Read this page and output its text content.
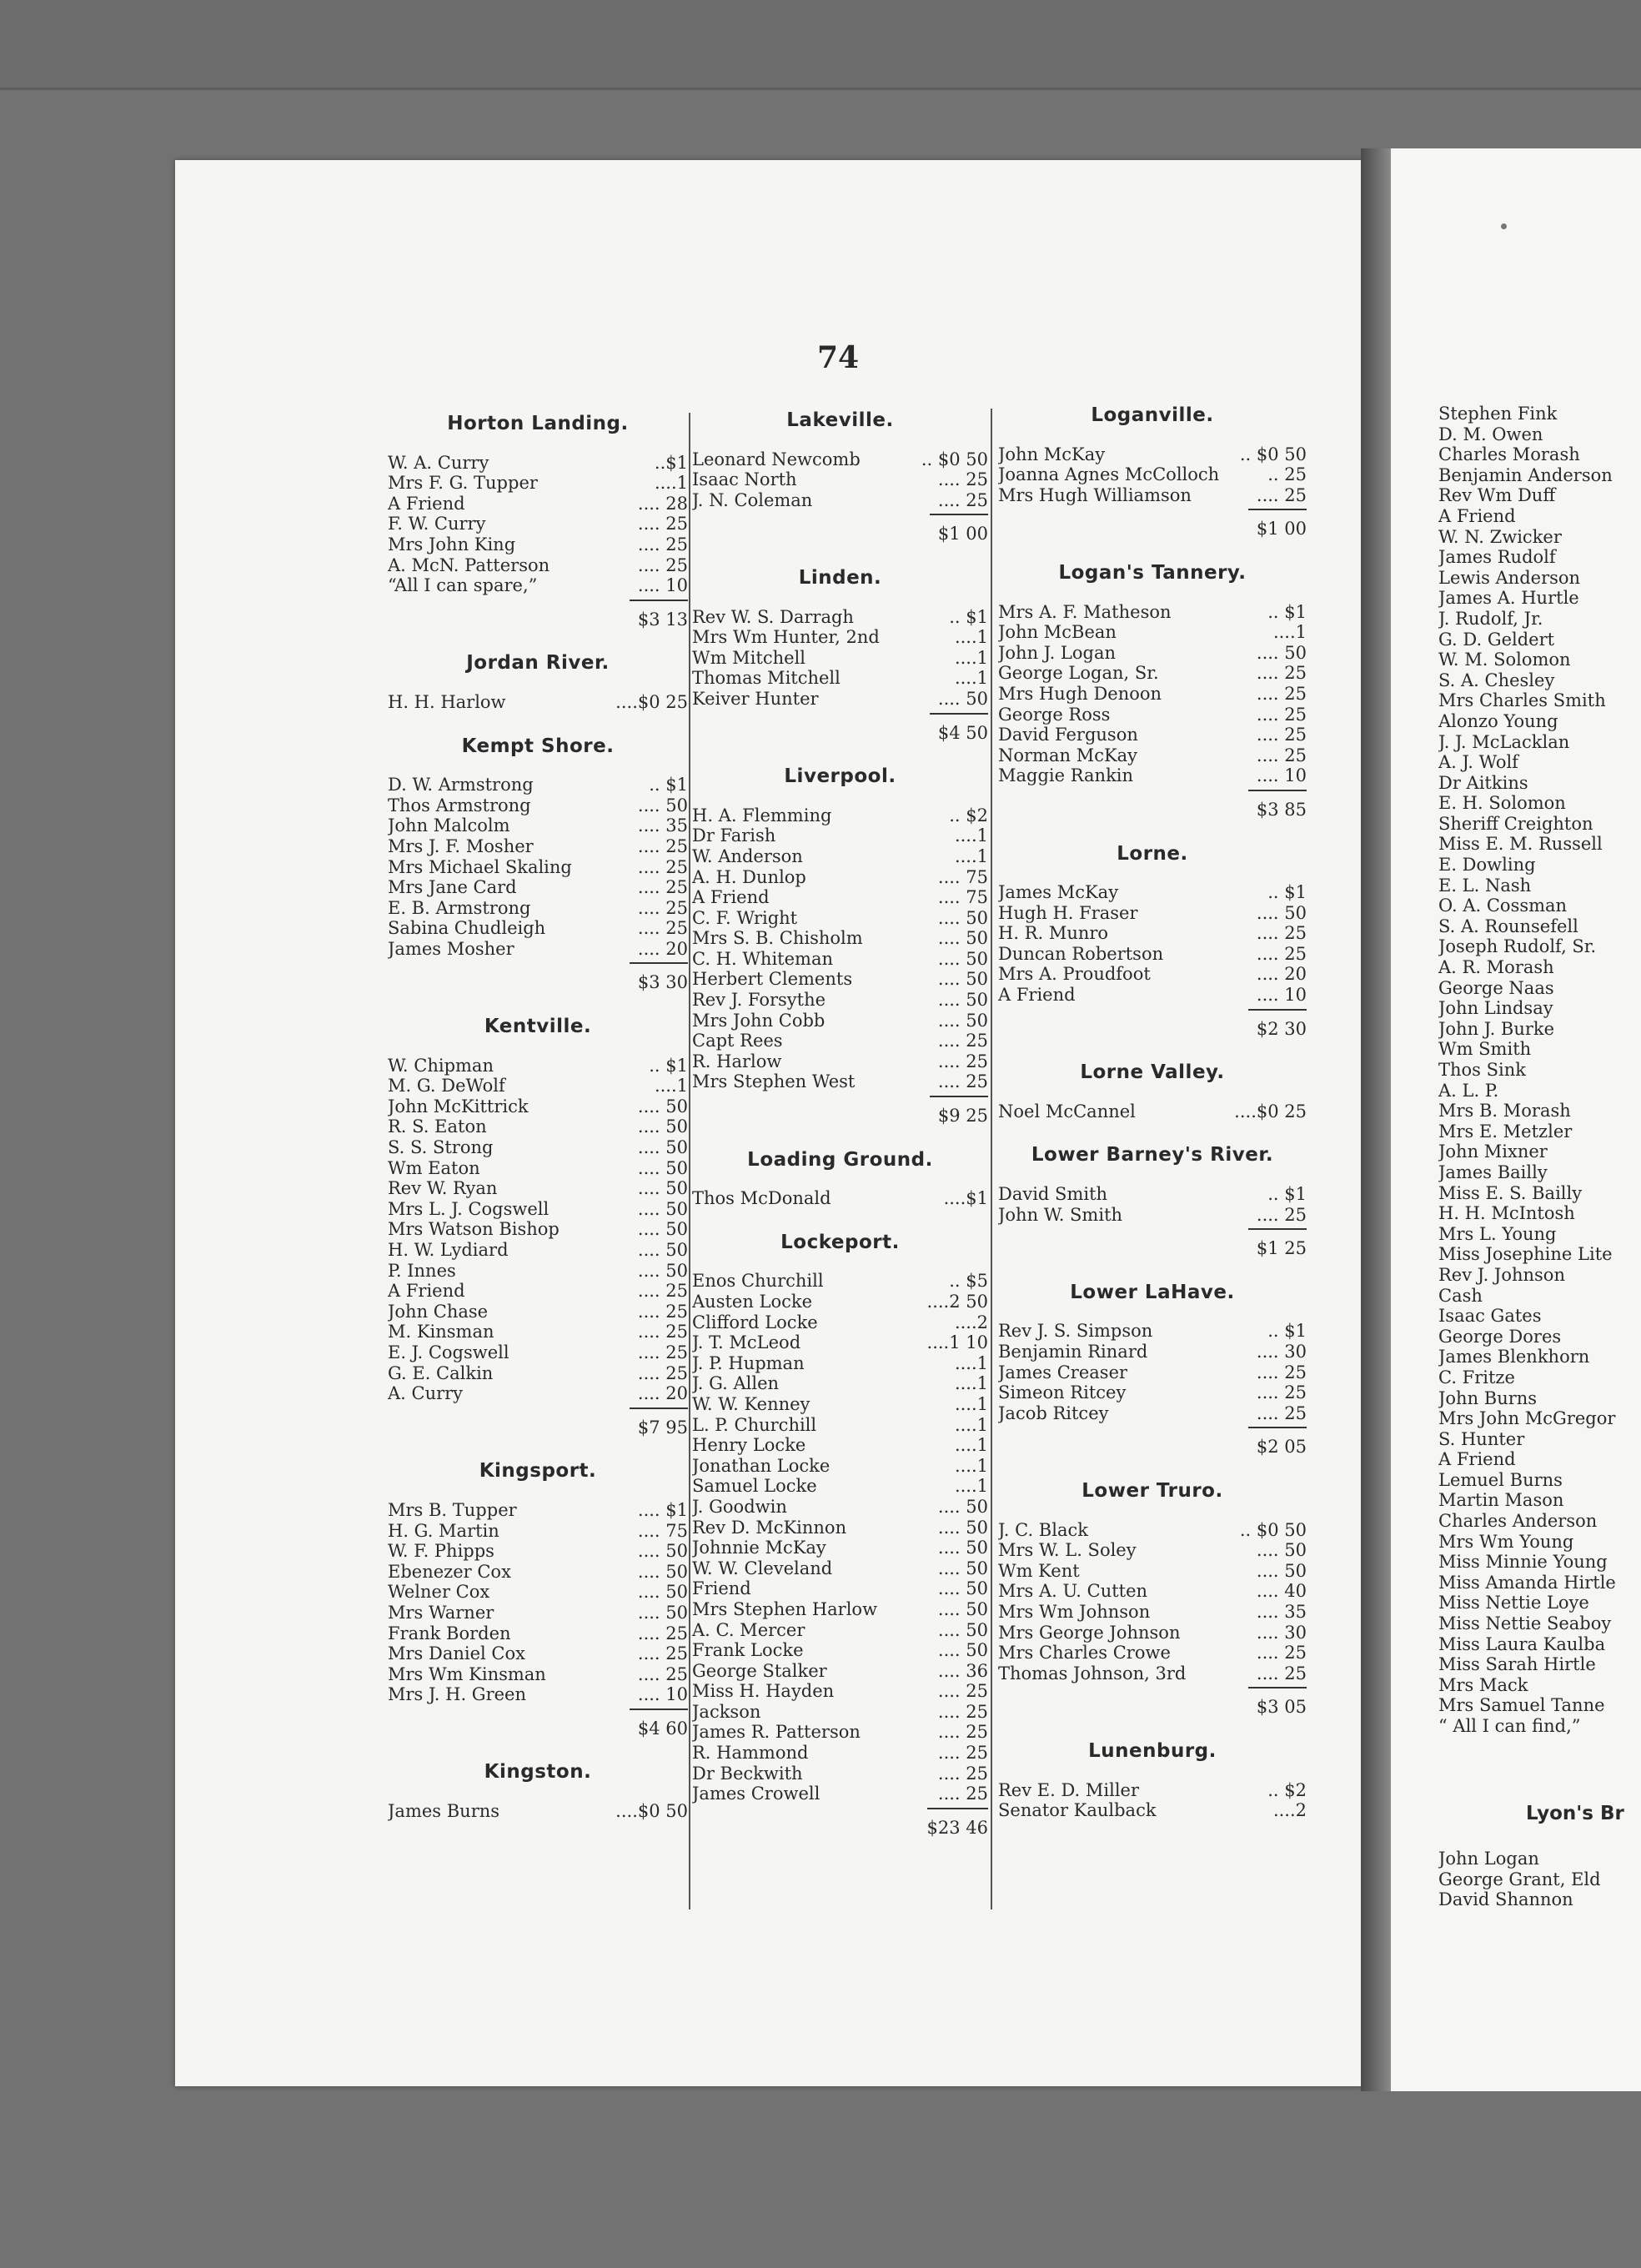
74
Horton Landing.
W. A. Curry	..$1
Mrs F. G. Tupper	....1
A Friend	.... 28
F. W. Curry	.... 25
Mrs John King	.... 25
A. McN. Patterson	.... 25
“All I can spare,”	.... 10
$3 13
Jordan River.
H. H. Harlow	....$0 25
Kempt Shore.
D. W. Armstrong	.. $1
Thos Armstrong	.... 50
John Malcolm	.... 35
Mrs J. F. Mosher	.... 25
Mrs Michael Skaling	.... 25
Mrs Jane Card	.... 25
E. B. Armstrong	.... 25
Sabina Chudleigh	.... 25
James Mosher	.... 20
$3 30
Kentville.
W. Chipman	.. $1
M. G. DeWolf	....1
John McKittrick	.... 50
R. S. Eaton	.... 50
S. S. Strong	.... 50
Wm Eaton	.... 50
Rev W. Ryan	.... 50
Mrs L. J. Cogswell	.... 50
Mrs Watson Bishop	.... 50
H. W. Lydiard	.... 50
P. Innes	.... 50
A Friend	.... 25
John Chase	.... 25
M. Kinsman	.... 25
E. J. Cogswell	.... 25
G. E. Calkin	.... 25
A. Curry	.... 20
$7 95
Kingsport.
Mrs B. Tupper	.... $1
H. G. Martin	.... 75
W. F. Phipps	.... 50
Ebenezer Cox	.... 50
Welner Cox	.... 50
Mrs Warner	.... 50
Frank Borden	.... 25
Mrs Daniel Cox	.... 25
Mrs Wm Kinsman	.... 25
Mrs J. H. Green	.... 10
$4 60
Kingston.
James Burns	....$0 50
Lakeville.
Leonard Newcomb	.. $0 50
Isaac North	.... 25
J. N. Coleman	.... 25
$1 00
Linden.
Rev W. S. Darragh	.. $1
Mrs Wm Hunter, 2nd	....1
Wm Mitchell	....1
Thomas Mitchell	....1
Keiver Hunter	.... 50
$4 50
Liverpool.
H. A. Flemming	.. $2
Dr Farish	....1
W. Anderson	....1
A. H. Dunlop	.... 75
A Friend	.... 75
C. F. Wright	.... 50
Mrs S. B. Chisholm	.... 50
C. H. Whiteman	.... 50
Herbert Clements	.... 50
Rev J. Forsythe	.... 50
Mrs John Cobb	.... 50
Capt Rees	.... 25
R. Harlow	.... 25
Mrs Stephen West	.... 25
$9 25
Loading Ground.
Thos McDonald	....$1
Lockeport.
Enos Churchill	.. $5
Austen Locke	....2 50
Clifford Locke	....2
J. T. McLeod	....1 10
J. P. Hupman	....1
J. G. Allen	....1
W. W. Kenney	....1
L. P. Churchill	....1
Henry Locke	....1
Jonathan Locke	....1
Samuel Locke	....1
J. Goodwin	.... 50
Rev D. McKinnon	.... 50
Johnnie McKay	.... 50
W. W. Cleveland	.... 50
Friend	.... 50
Mrs Stephen Harlow	.... 50
A. C. Mercer	.... 50
Frank Locke	.... 50
George Stalker	.... 36
Miss H. Hayden	.... 25
Jackson	.... 25
James R. Patterson	.... 25
R. Hammond	.... 25
Dr Beckwith	.... 25
James Crowell	.... 25
$23 46
Loganville.
John McKay	.. $0 50
Joanna Agnes McColloch	.. 25
Mrs Hugh Williamson	.... 25
$1 00
Logan's Tannery.
Mrs A. F. Matheson	.. $1
John McBean	....1
John J. Logan	.... 50
George Logan, Sr.	.... 25
Mrs Hugh Denoon	.... 25
George Ross	.... 25
David Ferguson	.... 25
Norman McKay	.... 25
Maggie Rankin	.... 10
$3 85
Lorne.
James McKay	.. $1
Hugh H. Fraser	.... 50
H. R. Munro	.... 25
Duncan Robertson	.... 25
Mrs A. Proudfoot	.... 20
A Friend	.... 10
$2 30
Lorne Valley.
Noel McCannel	....$0 25
Lower Barney's River.
David Smith	.. $1
John W. Smith	.... 25
$1 25
Lower LaHave.
Rev J. S. Simpson	.. $1
Benjamin Rinard	.... 30
James Creaser	.... 25
Simeon Ritcey	.... 25
Jacob Ritcey	.... 25
$2 05
Lower Truro.
J. C. Black	.. $0 50
Mrs W. L. Soley	.... 50
Wm Kent	.... 50
Mrs A. U. Cutten	.... 40
Mrs Wm Johnson	.... 35
Mrs George Johnson	.... 30
Mrs Charles Crowe	.... 25
Thomas Johnson, 3rd	.... 25
$3 05
Lunenburg.
Rev E. D. Miller	.. $2
Senator Kaulback	....2
Stephen Fink
D. M. Owen
Charles Morash
Benjamin Anderson
Rev Wm Duff
A Friend
W. N. Zwicker
James Rudolf
Lewis Anderson
James A. Hurtle
J. Rudolf, Jr.
G. D. Geldert
W. M. Solomon
S. A. Chesley
Mrs Charles Smith
Alonzo Young
J. J. McLacklan
A. J. Wolf
Dr Aitkins
E. H. Solomon
Sheriff Creighton
Miss E. M. Russell
E. Dowling
E. L. Nash
O. A. Cossman
S. A. Rounsefell
Joseph Rudolf, Sr.
A. R. Morash
George Naas
John Lindsay
John J. Burke
Wm Smith
Thos Sink
A. L. P.
Mrs B. Morash
Mrs E. Metzler
John Mixner
James Bailly
Miss E. S. Bailly
H. H. McIntosh
Mrs L. Young
Miss Josephine Lite
Rev J. Johnson
Cash
Isaac Gates
George Dores
James Blenkhorn
C. Fritze
John Burns
Mrs John McGregor
S. Hunter
A Friend
Lemuel Burns
Martin Mason
Charles Anderson
Mrs Wm Young
Miss Minnie Young
Miss Amanda Hirtle
Miss Nettie Loye
Miss Nettie Seaboy
Miss Laura Kaulba
Miss Sarah Hirtle
Mrs Mack
Mrs Samuel Tanne
“ All I can find,”
Lyon's Br
John Logan
George Grant, Eld
David Shannon
